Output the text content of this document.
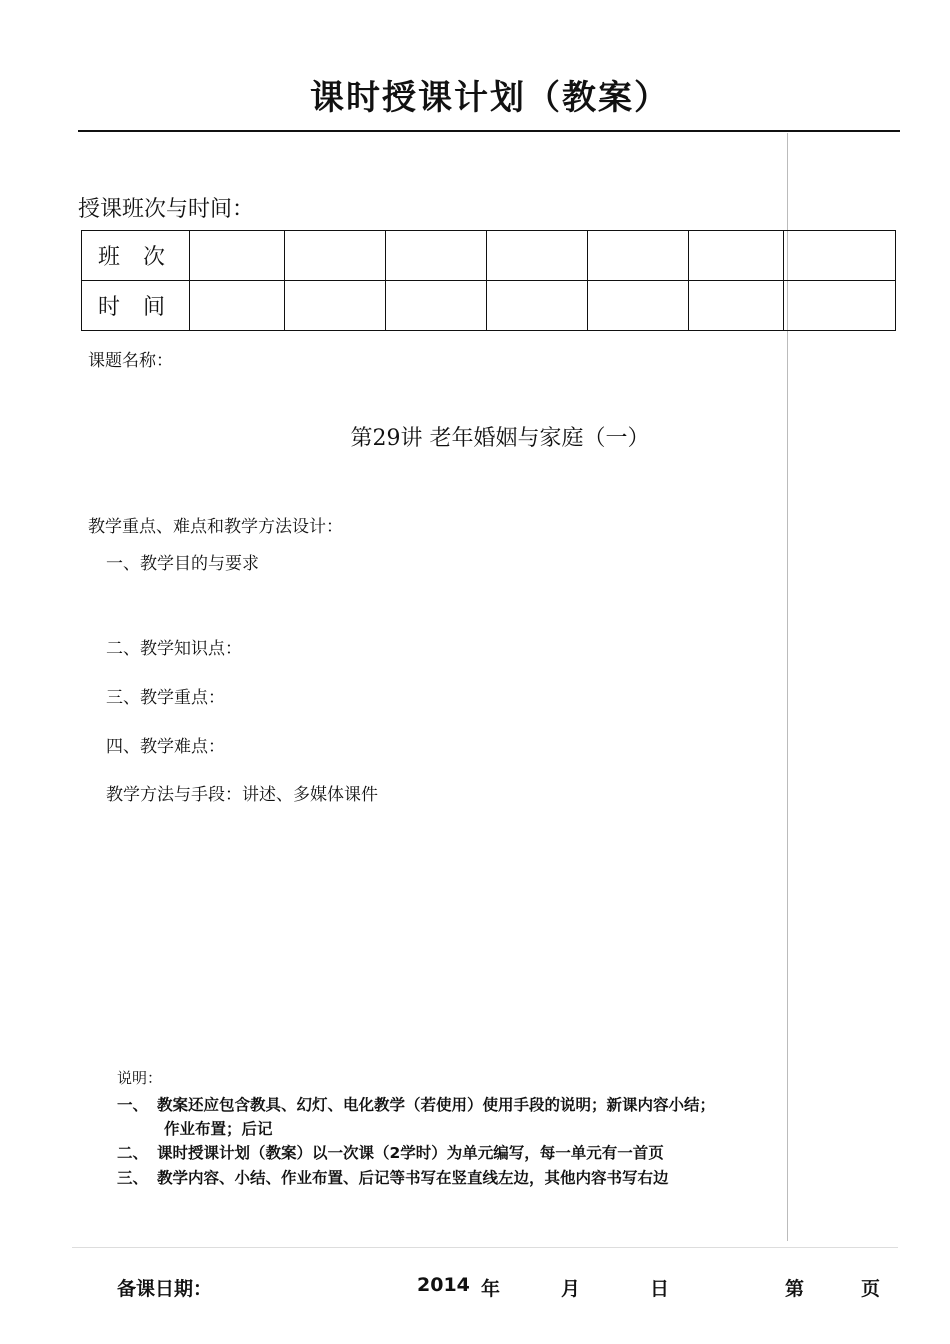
课时授课计划（教案）
授课班次与时间：
班 次							
时 间							
课题名称：
第29讲 老年婚姻与家庭（一）
教学重点、难点和教学方法设计：
一、教学目的与要求
二、教学知识点：
三、教学重点：
四、教学难点：
教学方法与手段：讲述、多媒体课件
说明：
一、 教案还应包含教具、幻灯、电化教学（若使用）使用手段的说明；新课内容小结；
作业布置；后记
二、 课时授课计划（教案）以一次课（2学时）为单元编写，每一单元有一首页
三、 教学内容、小结、作业布置、后记等书写在竖直线左边，其他内容书写右边
备课日期：	2014 年	月	日	第	页
